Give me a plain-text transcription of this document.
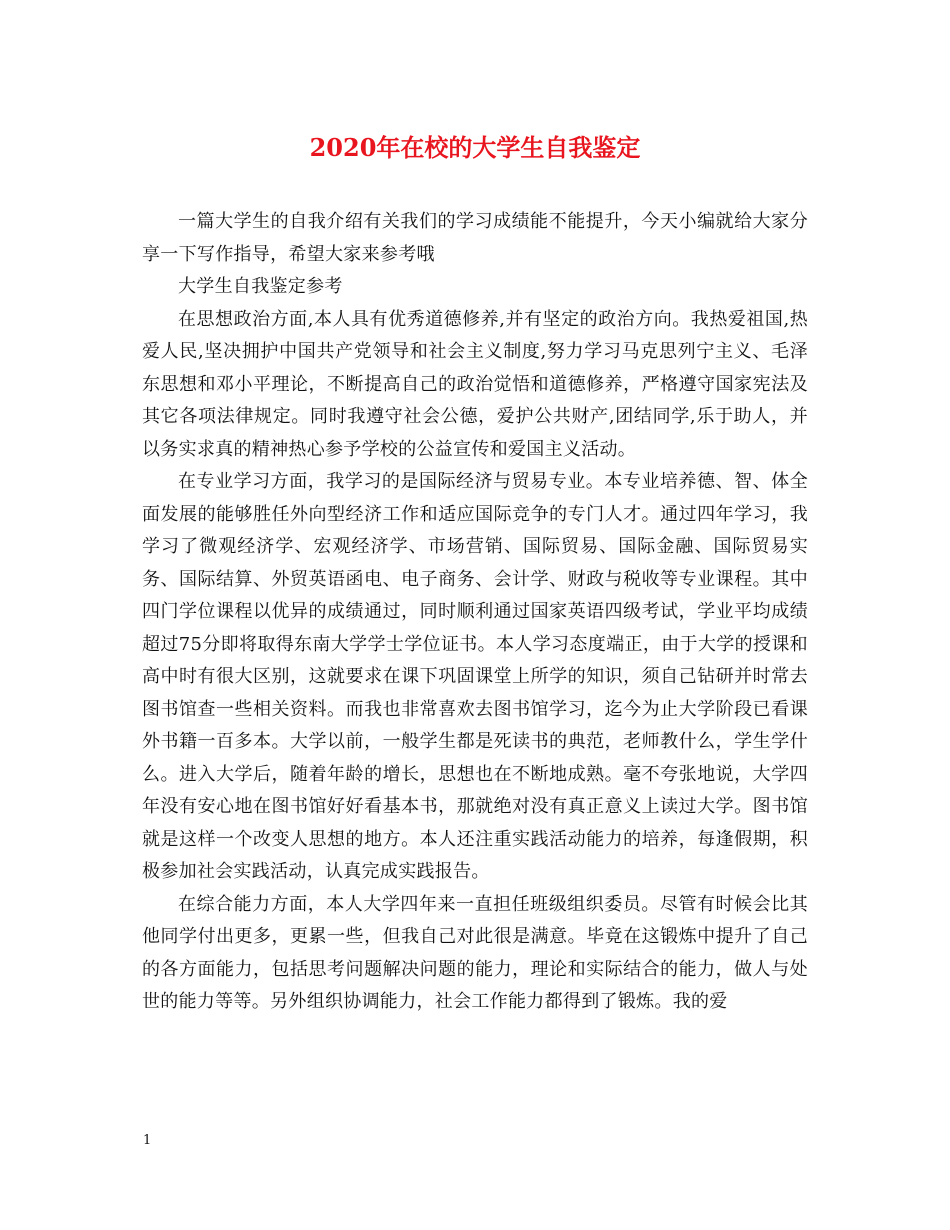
2020年在校的大学生自我鉴定

一篇大学生的自我介绍有关我们的学习成绩能不能提升，今天小编就给大家分享一下写作指导，希望大家来参考哦

大学生自我鉴定参考

在思想政治方面,本人具有优秀道德修养,并有坚定的政治方向。我热爱祖国,热爱人民,坚决拥护中国共产党领导和社会主义制度,努力学习马克思列宁主义、毛泽东思想和邓小平理论，不断提高自己的政治觉悟和道德修养，严格遵守国家宪法及其它各项法律规定。同时我遵守社会公德，爱护公共财产,团结同学,乐于助人，并以务实求真的精神热心参予学校的公益宣传和爱国主义活动。

在专业学习方面，我学习的是国际经济与贸易专业。本专业培养德、智、体全面发展的能够胜任外向型经济工作和适应国际竞争的专门人才。通过四年学习，我学习了微观经济学、宏观经济学、市场营销、国际贸易、国际金融、国际贸易实务、国际结算、外贸英语函电、电子商务、会计学、财政与税收等专业课程。其中四门学位课程以优异的成绩通过，同时顺利通过国家英语四级考试，学业平均成绩超过75分即将取得东南大学学士学位证书。本人学习态度端正，由于大学的授课和高中时有很大区别，这就要求在课下巩固课堂上所学的知识，须自己钻研并时常去图书馆查一些相关资料。而我也非常喜欢去图书馆学习，迄今为止大学阶段已看课外书籍一百多本。大学以前，一般学生都是死读书的典范，老师教什么，学生学什么。进入大学后，随着年龄的增长，思想也在不断地成熟。毫不夸张地说，大学四年没有安心地在图书馆好好看基本书，那就绝对没有真正意义上读过大学。图书馆就是这样一个改变人思想的地方。本人还注重实践活动能力的培养，每逢假期，积极参加社会实践活动，认真完成实践报告。

在综合能力方面，本人大学四年来一直担任班级组织委员。尽管有时候会比其他同学付出更多，更累一些，但我自己对此很是满意。毕竟在这锻炼中提升了自己的各方面能力，包括思考问题解决问题的能力，理论和实际结合的能力，做人与处世的能力等等。另外组织协调能力，社会工作能力都得到了锻炼。我的爱

1
